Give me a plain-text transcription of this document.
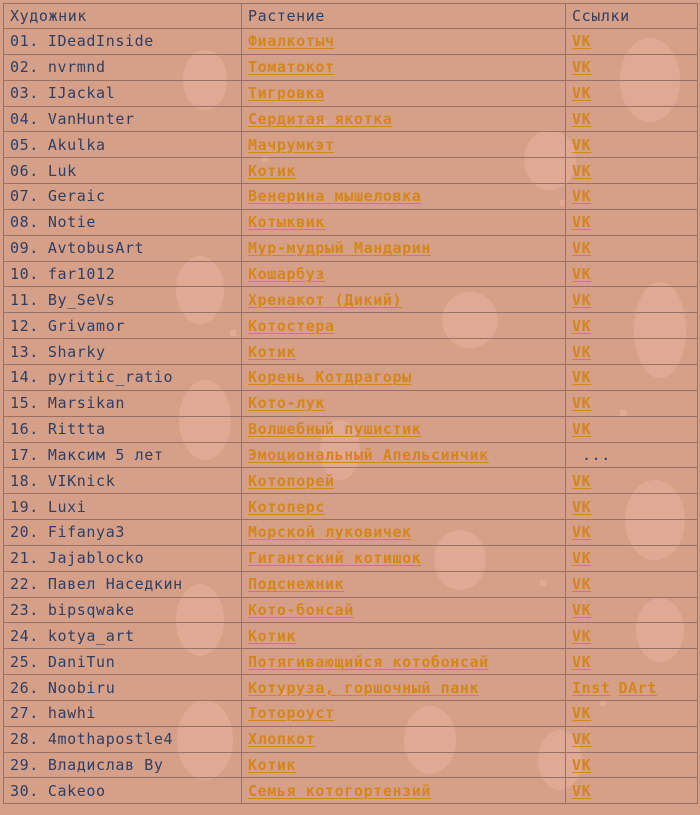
Художник	Растение	Ссылки
01. IDeadInside	Фиалкотыч	VK
02. nvrmnd	Томатокот	VK
03. IJackal	Тигровка	VK
04. VanHunter	Сердитая якотка	VK
05. Akulka	Мачрумкэт	VK
06. Luk	Котик	VK
07. Geraic	Венерина мышеловка	VK
08. Notie	Котыквик	VK
09. AvtobusArt	Мур-мудрый Мандарин	VK
10. far1012	Кошарбуз	VK
11. By_SeVs	Хренакот (Дикий)	VK
12. Grivamor	Котостера	VK
13. Sharky	Котик	VK
14. pyritic_ratio	Корень Котдрагоры	VK
15. Marsikan	Кото-лук	VK
16. Rittta	Волшебный пушистик	VK
17. Максим 5 лет	Эмоциональный Апельсинчик	...
18. VIKnick	Котопорей	VK
19. Luxi	Котоперс	VK
20. Fifanya3	Морской луковичек	VK
21. Jajablocko	Гигантский котишок	VK
22. Павел Наседкин	Подснежник	VK
23. bipsqwake	Кото-бонсай	VK
24. kotya_art	Котик	VK
25. DaniTun	Потягивающийся котобонсай	VK
26. Noobiru	Котуруза, горшочный панк	Inst DArt
27. hawhi	Тотороуст	VK
28. 4mothapostle4	Хлопкот	VK
29. Владислав Ву	Котик	VK
30. Cakeoo	Семья котогортензий	VK
